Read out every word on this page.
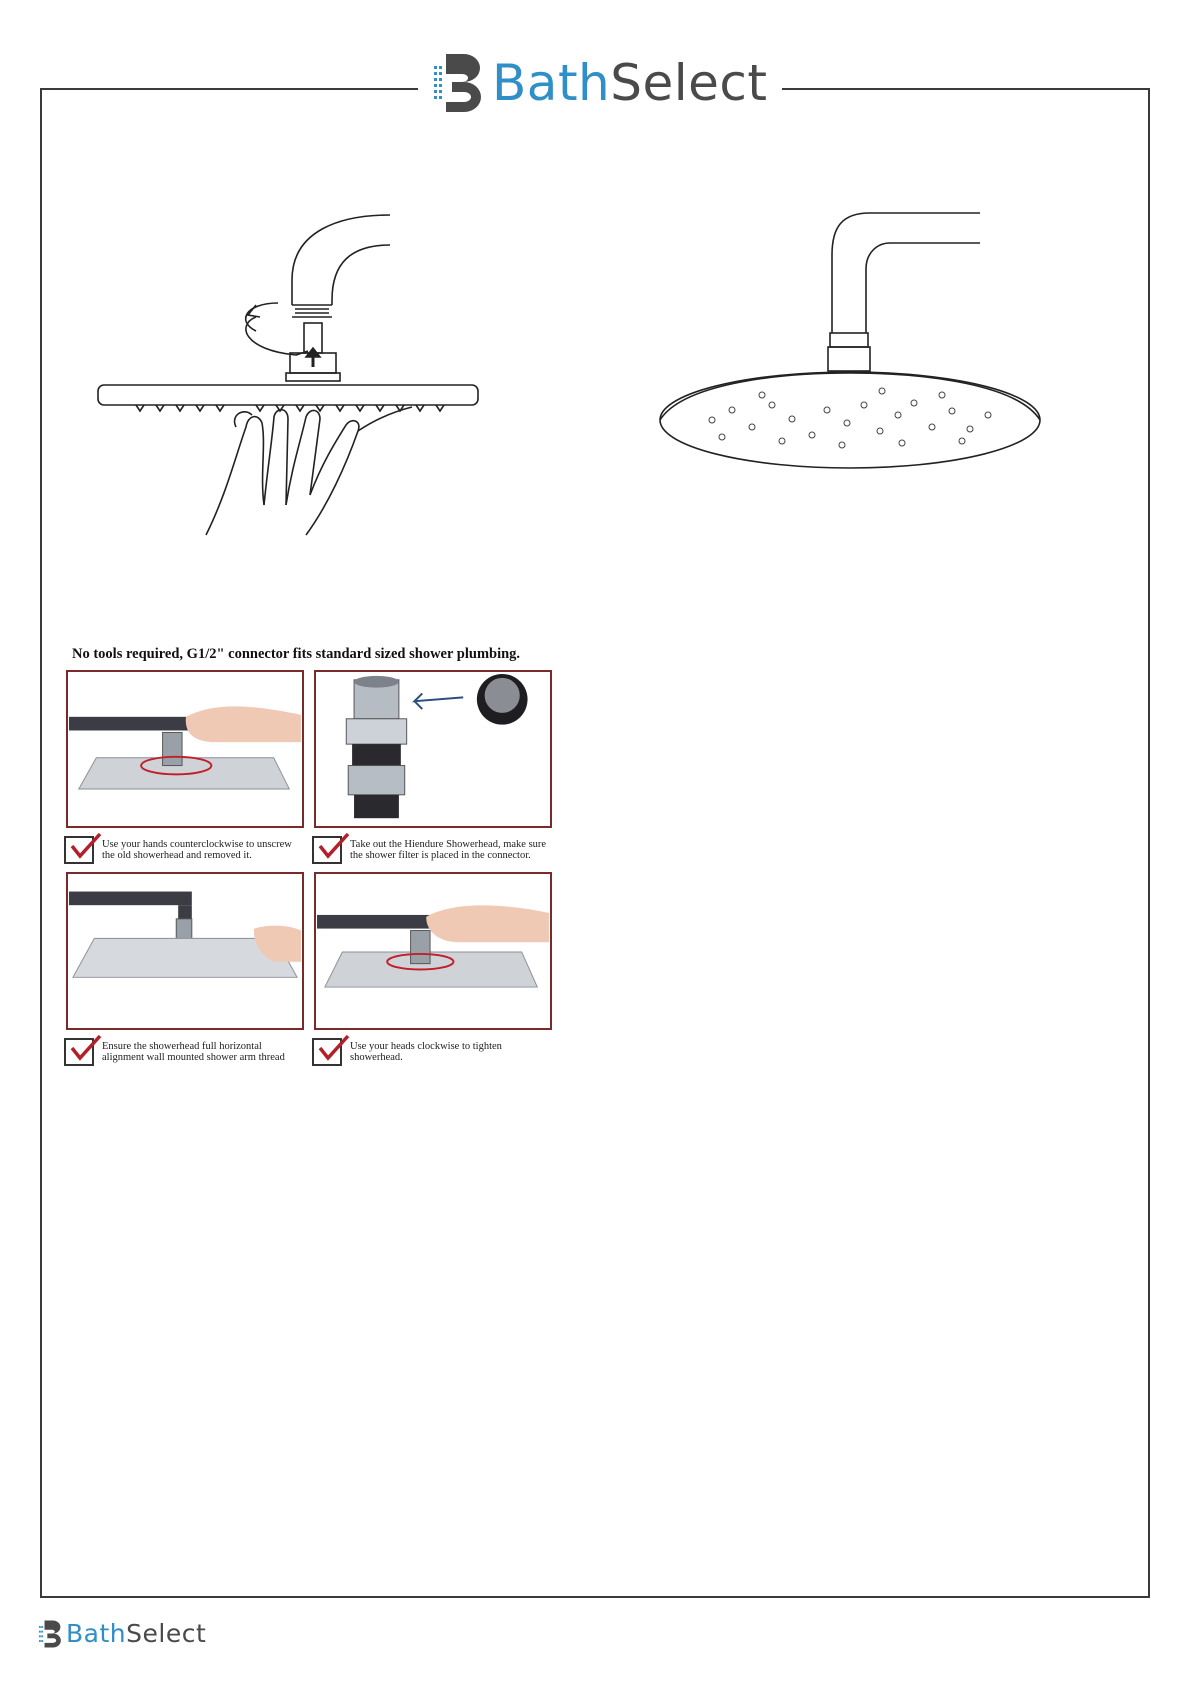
Bath Select
No tools required, G1/2" connector fits standard sized shower plumbing.
Use your hands counterclockwise to unscrew the old showerhead and removed it.
Take out the Hiendure Showerhead, make sure the shower filter is placed in the connector.
Ensure the showerhead full horizontal alignment wall mounted shower arm thread
Use your heads clockwise to tighten showerhead.
Bath Select
